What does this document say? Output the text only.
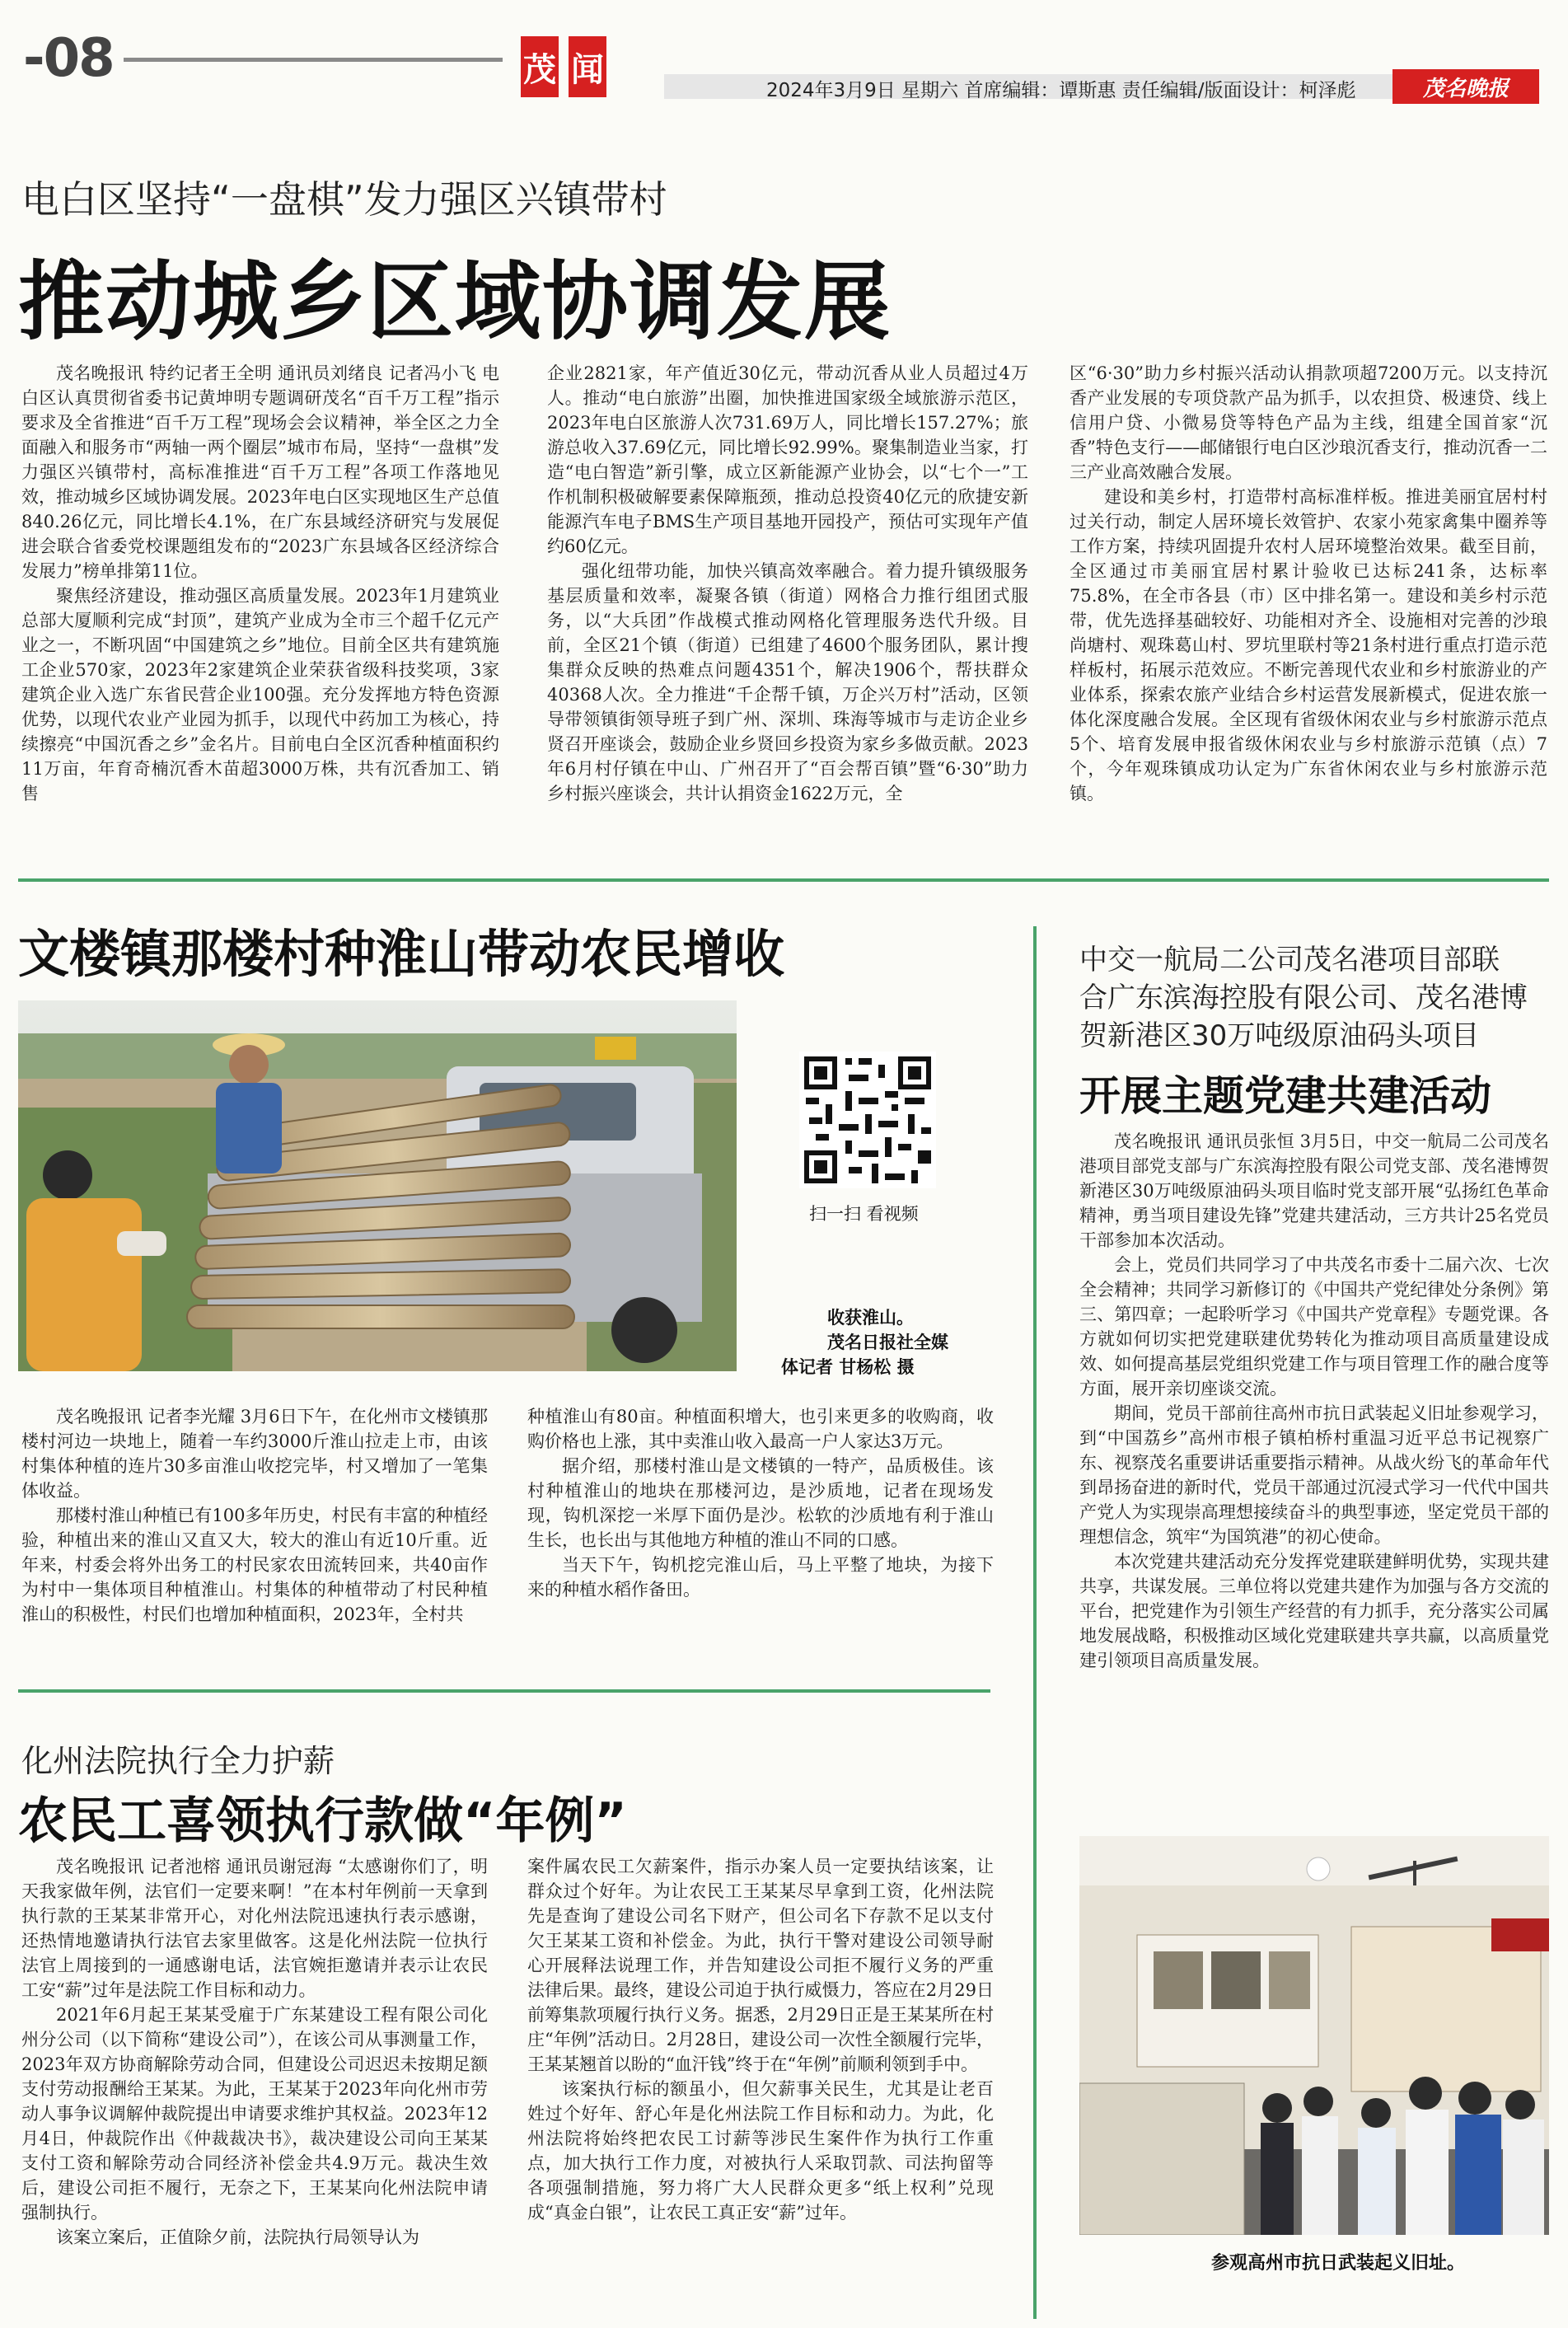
-08	茂 闻
2024年3月9日 星期六 首席编辑：谭斯惠 责任编辑/版面设计：柯泽彪	茂名晚报
电白区坚持“一盘棋”发力强区兴镇带村
推动城乡区域协调发展

茂名晚报讯 特约记者王全明 通讯员刘绪良 记者冯小飞 电白区认真贯彻省委书记黄坤明专题调研茂名“百千万工程”指示要求及全省推进“百千万工程”现场会会议精神，举全区之力全面融入和服务市“两轴一两个圈层”城市布局，坚持“一盘棋”发力强区兴镇带村，高标准推进“百千万工程”各项工作落地见效，推动城乡区域协调发展。2023年电白区实现地区生产总值840.26亿元，同比增长4.1%，在广东县域经济研究与发展促进会联合省委党校课题组发布的“2023广东县域各区经济综合发展力”榜单排第11位。

聚焦经济建设，推动强区高质量发展。2023年1月建筑业总部大厦顺利完成“封顶”，建筑产业成为全市三个超千亿元产业之一，不断巩固“中国建筑之乡”地位。目前全区共有建筑施工企业570家，2023年2家建筑企业荣获省级科技奖项，3家建筑企业入选广东省民营企业100强。充分发挥地方特色资源优势，以现代农业产业园为抓手，以现代中药加工为核心，持续擦亮“中国沉香之乡”金名片。目前电白全区沉香种植面积约11万亩，年育奇楠沉香木苗超3000万株，共有沉香加工、销售

企业2821家，年产值近30亿元，带动沉香从业人员超过4万人。推动“电白旅游”出圈，加快推进国家级全域旅游示范区，2023年电白区旅游人次731.69万人，同比增长157.27%；旅游总收入37.69亿元，同比增长92.99%。聚集制造业当家，打造“电白智造”新引擎，成立区新能源产业协会，以“七个一”工作机制积极破解要素保障瓶颈，推动总投资40亿元的欣捷安新能源汽车电子BMS生产项目基地开园投产，预估可实现年产值约60亿元。

强化纽带功能，加快兴镇高效率融合。着力提升镇级服务基层质量和效率，凝聚各镇（街道）网格合力推行组团式服务，以“大兵团”作战模式推动网格化管理服务迭代升级。目前，全区21个镇（街道）已组建了4600个服务团队，累计搜集群众反映的热难点问题4351个，解决1906个，帮扶群众40368人次。全力推进“千企帮千镇，万企兴万村”活动，区领导带领镇街领导班子到广州、深圳、珠海等城市与走访企业乡贤召开座谈会，鼓励企业乡贤回乡投资为家乡多做贡献。2023年6月村仔镇在中山、广州召开了“百会帮百镇”暨“6·30”助力乡村振兴座谈会，共计认捐资金1622万元，全

区“6·30”助力乡村振兴活动认捐款项超7200万元。以支持沉香产业发展的专项贷款产品为抓手，以农担贷、极速贷、线上信用户贷、小微易贷等特色产品为主线，组建全国首家“沉香”特色支行——邮储银行电白区沙琅沉香支行，推动沉香一二三产业高效融合发展。

建设和美乡村，打造带村高标准样板。推进美丽宜居村村过关行动，制定人居环境长效管护、农家小苑家禽集中圈养等工作方案，持续巩固提升农村人居环境整治效果。截至目前，全区通过市美丽宜居村累计验收已达标241条，达标率75.8%，在全市各县（市）区中排名第一。建设和美乡村示范带，优先选择基础较好、功能相对齐全、设施相对完善的沙琅尚塘村、观珠葛山村、罗坑里联村等21条村进行重点打造示范样板村，拓展示范效应。不断完善现代农业和乡村旅游业的产业体系，探索农旅产业结合乡村运营发展新模式，促进农旅一体化深度融合发展。全区现有省级休闲农业与乡村旅游示范点5个、培育发展申报省级休闲农业与乡村旅游示范镇（点）7个，今年观珠镇成功认定为广东省休闲农业与乡村旅游示范镇。

文楼镇那楼村种淮山带动农民增收
扫一扫 看视频
收获淮山。
茂名日报社全媒
体记者 甘杨松 摄

茂名晚报讯 记者李光耀 3月6日下午，在化州市文楼镇那楼村河边一块地上，随着一车约3000斤淮山拉走上市，由该村集体种植的连片30多亩淮山收挖完毕，村又增加了一笔集体收益。

那楼村淮山种植已有100多年历史，村民有丰富的种植经验，种植出来的淮山又直又大，较大的淮山有近10斤重。近年来，村委会将外出务工的村民家农田流转回来，共40亩作为村中一集体项目种植淮山。村集体的种植带动了村民种植淮山的积极性，村民们也增加种植面积，2023年，全村共

种植淮山有80亩。种植面积增大，也引来更多的收购商，收购价格也上涨，其中卖淮山收入最高一户人家达3万元。

据介绍，那楼村淮山是文楼镇的一特产，品质极佳。该村种植淮山的地块在那楼河边，是沙质地，记者在现场发现，钩机深挖一米厚下面仍是沙。松软的沙质地有利于淮山生长，也长出与其他地方种植的淮山不同的口感。

当天下午，钩机挖完淮山后，马上平整了地块，为接下来的种植水稻作备田。

化州法院执行全力护薪
农民工喜领执行款做“年例”

茂名晚报讯 记者池榕 通讯员谢冠海 “太感谢你们了，明天我家做年例，法官们一定要来啊！”在本村年例前一天拿到执行款的王某某非常开心，对化州法院迅速执行表示感谢，还热情地邀请执行法官去家里做客。这是化州法院一位执行法官上周接到的一通感谢电话，法官婉拒邀请并表示让农民工安“薪”过年是法院工作目标和动力。

2021年6月起王某某受雇于广东某建设工程有限公司化州分公司（以下简称“建设公司”），在该公司从事测量工作，2023年双方协商解除劳动合同，但建设公司迟迟未按期足额支付劳动报酬给王某某。为此，王某某于2023年向化州市劳动人事争议调解仲裁院提出申请要求维护其权益。2023年12月4日，仲裁院作出《仲裁裁决书》，裁决建设公司向王某某支付工资和解除劳动合同经济补偿金共4.9万元。裁决生效后，建设公司拒不履行，无奈之下，王某某向化州法院申请强制执行。

该案立案后，正值除夕前，法院执行局领导认为

案件属农民工欠薪案件，指示办案人员一定要执结该案，让群众过个好年。为让农民工王某某尽早拿到工资，化州法院先是查询了建设公司名下财产，但公司名下存款不足以支付欠王某某工资和补偿金。为此，执行干警对建设公司领导耐心开展释法说理工作，并告知建设公司拒不履行义务的严重法律后果。最终，建设公司迫于执行威慑力，答应在2月29日前筹集款项履行执行义务。据悉，2月29日正是王某某所在村庄“年例”活动日。2月28日，建设公司一次性全额履行完毕，王某某翘首以盼的“血汗钱”终于在“年例”前顺利领到手中。

该案执行标的额虽小，但欠薪事关民生，尤其是让老百姓过个好年、舒心年是化州法院工作目标和动力。为此，化州法院将始终把农民工讨薪等涉民生案件作为执行工作重点，加大执行工作力度，对被执行人采取罚款、司法拘留等各项强制措施，努力将广大人民群众更多“纸上权利”兑现成“真金白银”，让农民工真正安“薪”过年。

中交一航局二公司茂名港项目部联
合广东滨海控股有限公司、茂名港博
贺新港区30万吨级原油码头项目
开展主题党建共建活动

茂名晚报讯 通讯员张恒 3月5日，中交一航局二公司茂名港项目部党支部与广东滨海控股有限公司党支部、茂名港博贺新港区30万吨级原油码头项目临时党支部开展“弘扬红色革命精神，勇当项目建设先锋”党建共建活动，三方共计25名党员干部参加本次活动。

会上，党员们共同学习了中共茂名市委十二届六次、七次全会精神；共同学习新修订的《中国共产党纪律处分条例》第三、第四章；一起聆听学习《中国共产党章程》专题党课。各方就如何切实把党建联建优势转化为推动项目高质量建设成效、如何提高基层党组织党建工作与项目管理工作的融合度等方面，展开亲切座谈交流。

期间，党员干部前往高州市抗日武装起义旧址参观学习，到“中国荔乡”高州市根子镇柏桥村重温习近平总书记视察广东、视察茂名重要讲话重要指示精神。从战火纷飞的革命年代到昂扬奋进的新时代，党员干部通过沉浸式学习一代代中国共产党人为实现崇高理想接续奋斗的典型事迹，坚定党员干部的理想信念，筑牢“为国筑港”的初心使命。

本次党建共建活动充分发挥党建联建鲜明优势，实现共建共享，共谋发展。三单位将以党建共建作为加强与各方交流的平台，把党建作为引领生产经营的有力抓手，充分落实公司属地发展战略，积极推动区域化党建联建共享共赢，以高质量党建引领项目高质量发展。

参观高州市抗日武装起义旧址。
